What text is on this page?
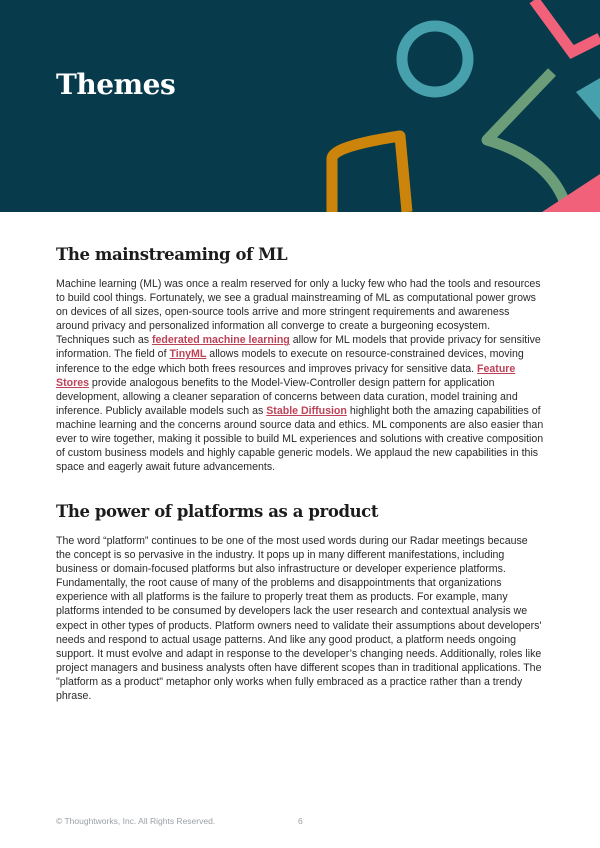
Themes
The mainstreaming of ML

Machine learning (ML) was once a realm reserved for only a lucky few who had the tools and resources to build cool things. Fortunately, we see a gradual mainstreaming of ML as computational power grows on devices of all sizes, open-source tools arrive and more stringent requirements and awareness around privacy and personalized information all converge to create a burgeoning ecosystem. Techniques such as federated machine learning allow for ML models that provide privacy for sensitive information. The field of TinyML allows models to execute on resource-constrained devices, moving inference to the edge which both frees resources and improves privacy for sensitive data. Feature Stores provide analogous benefits to the Model-View-Controller design pattern for application development, allowing a cleaner separation of concerns between data curation, model training and inference. Publicly available models such as Stable Diffusion highlight both the amazing capabilities of machine learning and the concerns around source data and ethics. ML components are also easier than ever to wire together, making it possible to build ML experiences and solutions with creative composition of custom business models and highly capable generic models. We applaud the new capabilities in this space and eagerly await future advancements.

The power of platforms as a product

The word “platform” continues to be one of the most used words during our Radar meetings because the concept is so pervasive in the industry. It pops up in many different manifestations, including business or domain-focused platforms but also infrastructure or developer experience platforms. Fundamentally, the root cause of many of the problems and disappointments that organizations experience with all platforms is the failure to properly treat them as products. For example, many platforms intended to be consumed by developers lack the user research and contextual analysis we expect in other types of products. Platform owners need to validate their assumptions about developers' needs and respond to actual usage patterns. And like any good product, a platform needs ongoing support. It must evolve and adapt in response to the developer’s changing needs. Additionally, roles like project managers and business analysts often have different scopes than in traditional applications. The "platform as a product" metaphor only works when fully embraced as a practice rather than a trendy phrase.

© Thoughtworks, Inc. All Rights Reserved.	6
